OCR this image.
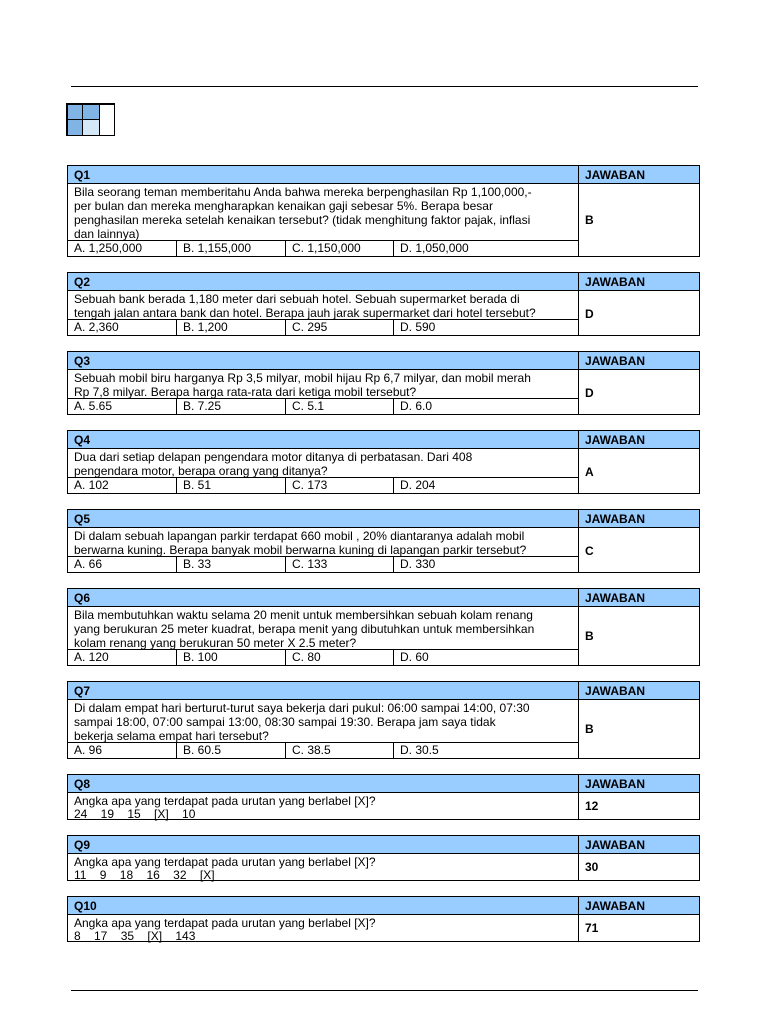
Q1	JAWABAN
Bila seorang teman memberitahu Anda bahwa mereka berpenghasilan Rp 1,100,000,-
per bulan dan mereka mengharapkan kenaikan gaji sebesar 5%. Berapa besar
penghasilan mereka setelah kenaikan tersebut? (tidak menghitung faktor pajak, inflasi
dan lainnya)
A. 1,250,000	B. 1,155,000	C. 1,150,000	D. 1,050,000
B
Q2	JAWABAN
Sebuah bank berada 1,180 meter dari sebuah hotel. Sebuah supermarket berada di
tengah jalan antara bank dan hotel. Berapa jauh jarak supermarket dari hotel tersebut?
A. 2,360	B. 1,200	C. 295	D. 590
D
Q3	JAWABAN
Sebuah mobil biru harganya Rp 3,5 milyar, mobil hijau Rp 6,7 milyar, dan mobil merah
Rp 7,8 milyar. Berapa harga rata-rata dari ketiga mobil tersebut?
A. 5.65	B. 7.25	C. 5.1	D. 6.0
D
Q4	JAWABAN
Dua dari setiap delapan pengendara motor ditanya di perbatasan. Dari 408
pengendara motor, berapa orang yang ditanya?
A. 102	B. 51	C. 173	D. 204
A
Q5	JAWABAN
Di dalam sebuah lapangan parkir terdapat 660 mobil , 20% diantaranya adalah mobil
berwarna kuning. Berapa banyak mobil berwarna kuning di lapangan parkir tersebut?
A. 66	B. 33	C. 133	D. 330
C
Q6	JAWABAN
Bila membutuhkan waktu selama 20 menit untuk membersihkan sebuah kolam renang
yang berukuran 25 meter kuadrat, berapa menit yang dibutuhkan untuk membersihkan
kolam renang yang berukuran 50 meter X 2.5 meter?
A. 120	B. 100	C. 80	D. 60
B
Q7	JAWABAN
Di dalam empat hari berturut-turut saya bekerja dari pukul: 06:00 sampai 14:00, 07:30
sampai 18:00, 07:00 sampai 13:00, 08:30 sampai 19:30. Berapa jam saya tidak
bekerja selama empat hari tersebut?
A. 96	B. 60.5	C. 38.5	D. 30.5
B
Q8	JAWABAN
Angka apa yang terdapat pada urutan yang berlabel [X]?
24    19    15    [X]    10
12
Q9	JAWABAN
Angka apa yang terdapat pada urutan yang berlabel [X]?
11    9    18    16    32    [X]
30
Q10	JAWABAN
Angka apa yang terdapat pada urutan yang berlabel [X]?
8    17    35    [X]    143
71
